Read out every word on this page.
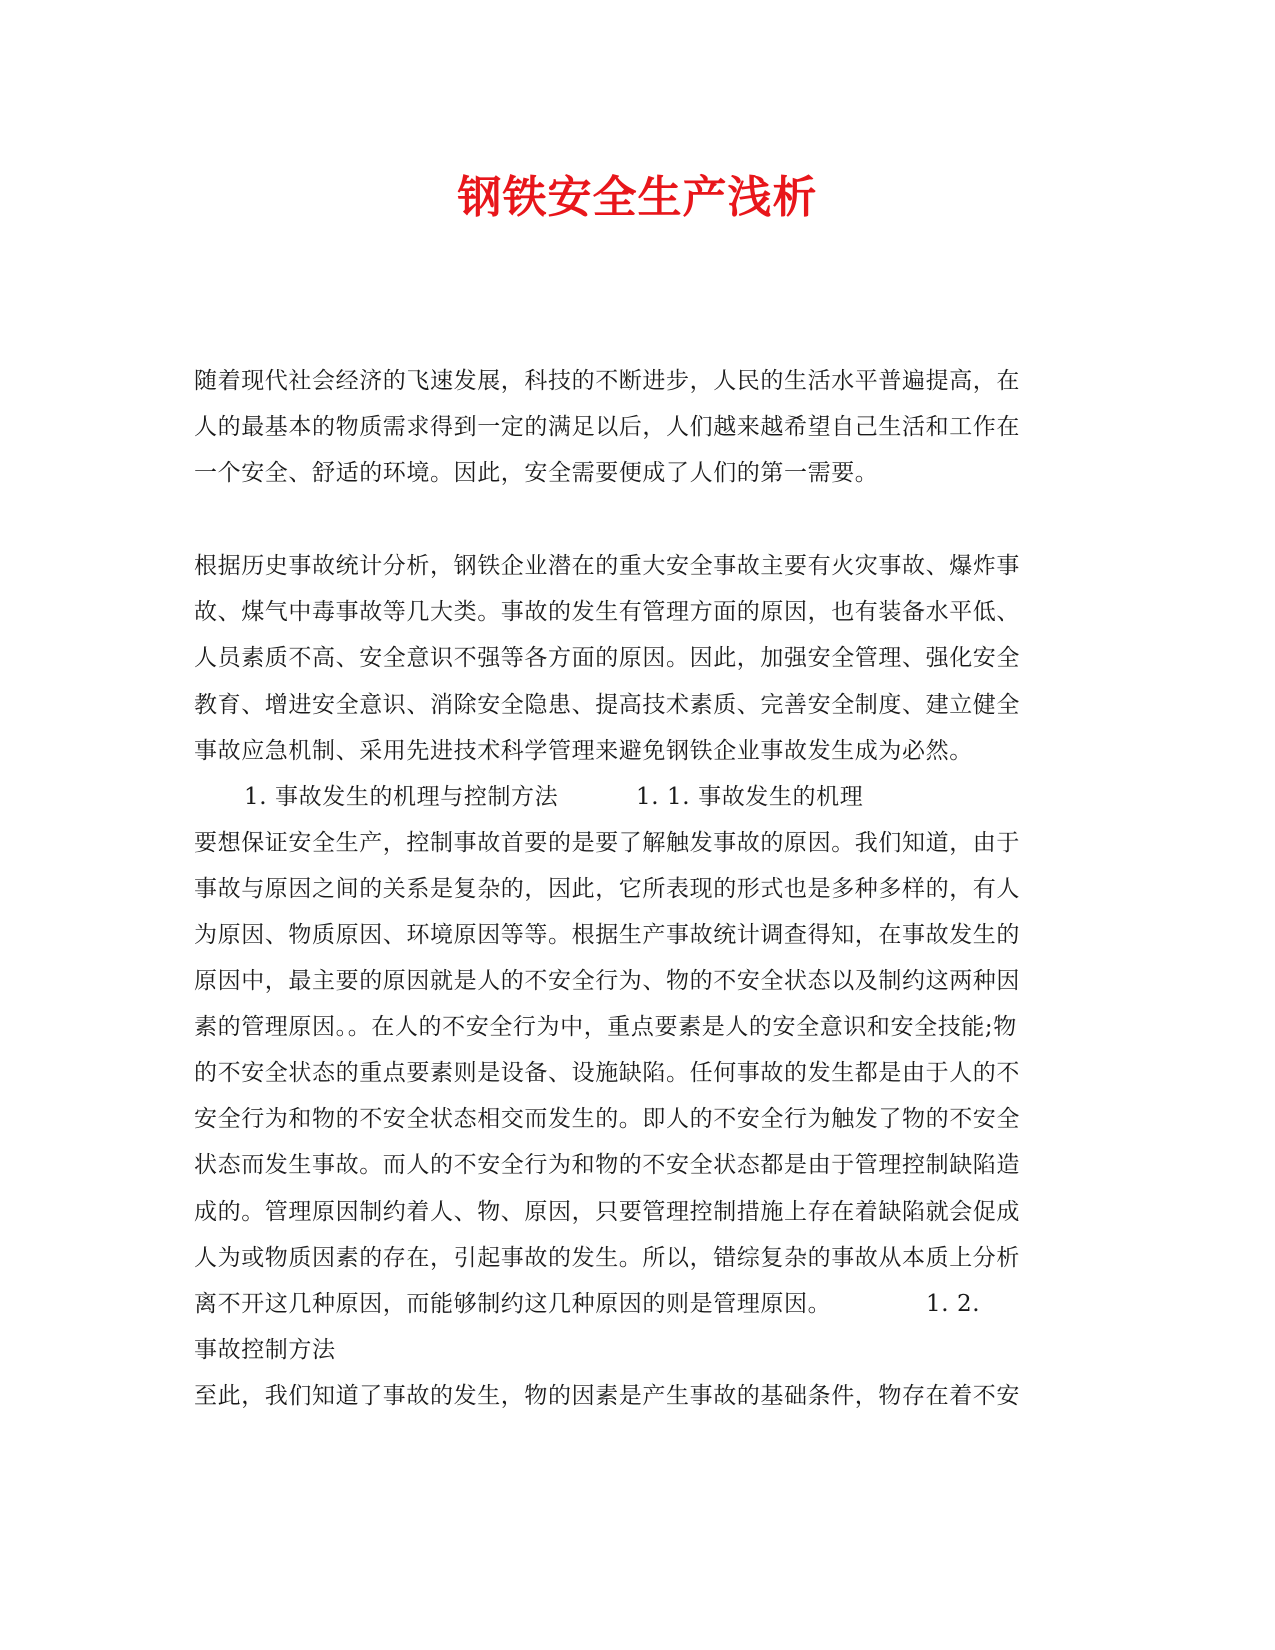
钢铁安全生产浅析
随着现代社会经济的飞速发展，科技的不断进步，人民的生活水平普遍提高，在
人的最基本的物质需求得到一定的满足以后，人们越来越希望自己生活和工作在
一个安全、舒适的环境。因此，安全需要便成了人们的第一需要。
根据历史事故统计分析，钢铁企业潜在的重大安全事故主要有火灾事故、爆炸事
故、煤气中毒事故等几大类。事故的发生有管理方面的原因，也有装备水平低、
人员素质不高、安全意识不强等各方面的原因。因此，加强安全管理、强化安全
教育、增进安全意识、消除安全隐患、提高技术素质、完善安全制度、建立健全
事故应急机制、采用先进技术科学管理来避免钢铁企业事故发生成为必然。
1. 事故发生的机理与控制方法	1. 1. 事故发生的机理
要想保证安全生产，控制事故首要的是要了解触发事故的原因。我们知道，由于
事故与原因之间的关系是复杂的，因此，它所表现的形式也是多种多样的，有人
为原因、物质原因、环境原因等等。根据生产事故统计调查得知，在事故发生的
原因中，最主要的原因就是人的不安全行为、物的不安全状态以及制约这两种因
素的管理原因。。在人的不安全行为中，重点要素是人的安全意识和安全技能;物
的不安全状态的重点要素则是设备、设施缺陷。任何事故的发生都是由于人的不
安全行为和物的不安全状态相交而发生的。即人的不安全行为触发了物的不安全
状态而发生事故。而人的不安全行为和物的不安全状态都是由于管理控制缺陷造
成的。管理原因制约着人、物、原因，只要管理控制措施上存在着缺陷就会促成
人为或物质因素的存在，引起事故的发生。所以，错综复杂的事故从本质上分析
离不开这几种原因，而能够制约这几种原因的则是管理原因。	1. 2.
事故控制方法
至此，我们知道了事故的发生，物的因素是产生事故的基础条件，物存在着不安
